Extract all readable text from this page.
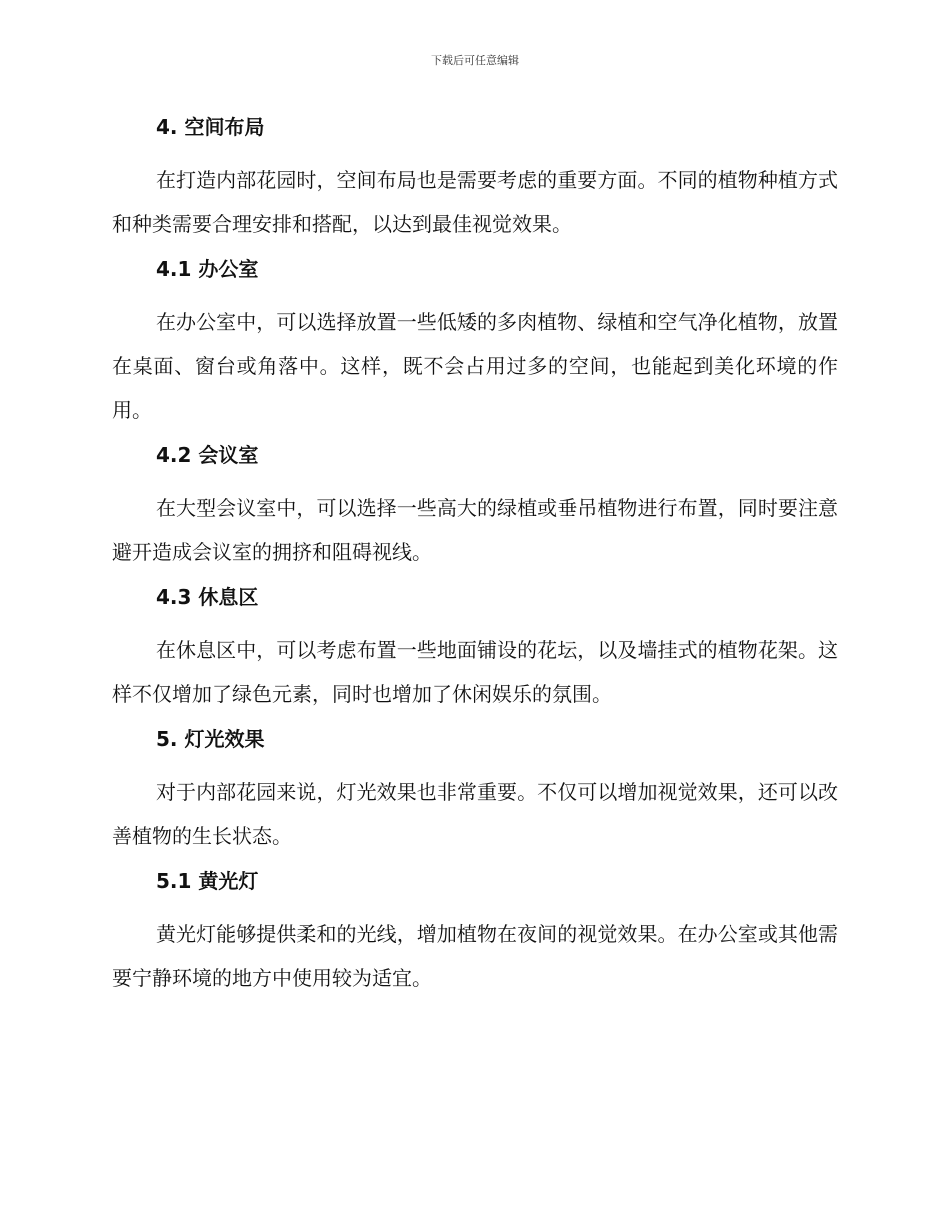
下载后可任意编辑
4. 空间布局

在打造内部花园时，空间布局也是需要考虑的重要方面。不同的植物种植方式和种类需要合理安排和搭配，以达到最佳视觉效果。

4.1 办公室

在办公室中，可以选择放置一些低矮的多肉植物、绿植和空气净化植物，放置在桌面、窗台或角落中。这样，既不会占用过多的空间，也能起到美化环境的作用。

4.2 会议室

在大型会议室中，可以选择一些高大的绿植或垂吊植物进行布置，同时要注意避开造成会议室的拥挤和阻碍视线。

4.3 休息区

在休息区中，可以考虑布置一些地面铺设的花坛，以及墙挂式的植物花架。这样不仅增加了绿色元素，同时也增加了休闲娱乐的氛围。

5. 灯光效果

对于内部花园来说，灯光效果也非常重要。不仅可以增加视觉效果，还可以改善植物的生长状态。

5.1 黄光灯

黄光灯能够提供柔和的光线，增加植物在夜间的视觉效果。在办公室或其他需要宁静环境的地方中使用较为适宜。
